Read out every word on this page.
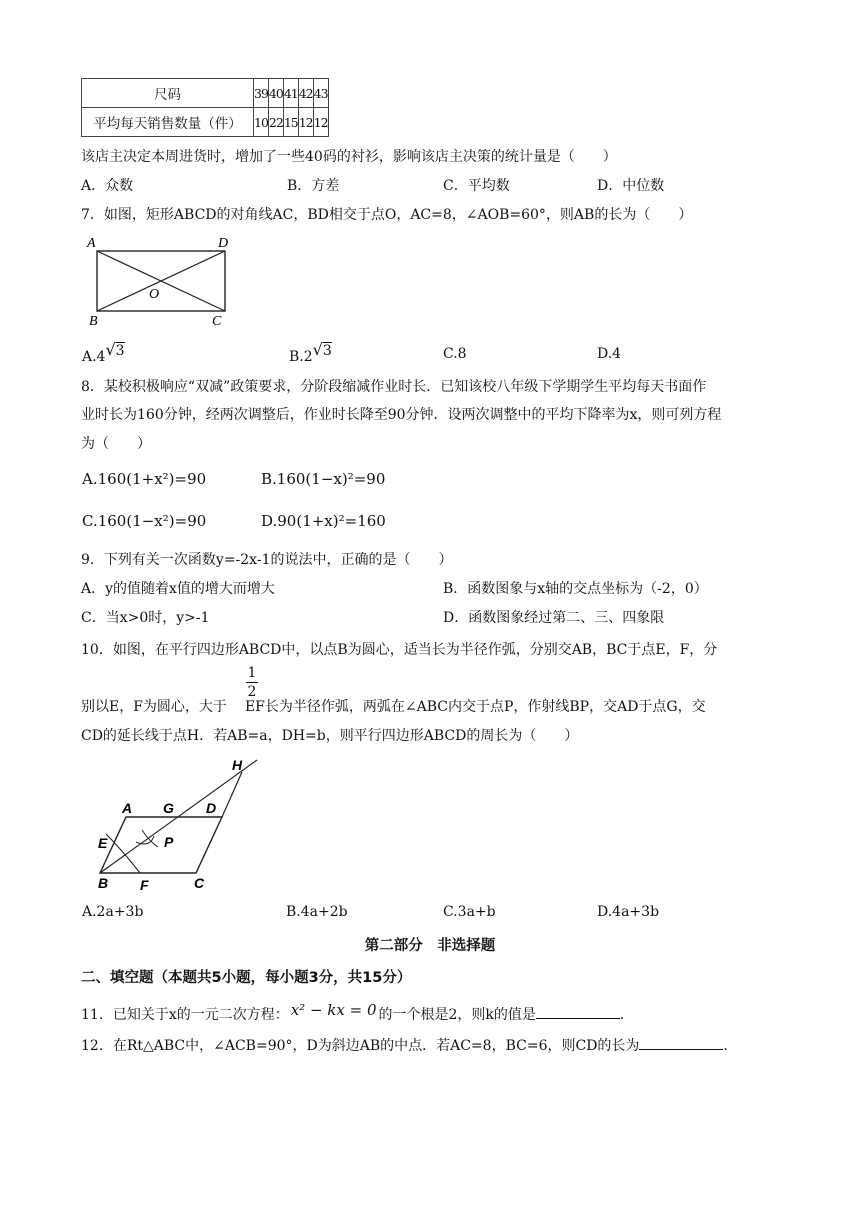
尺码	39	40	41	42	43
平均每天销售数量（件）	10	22	15	12	12
该店主决定本周进货时，增加了一些40码的衬衫，影响该店主决策的统计量是（　　）
A．众数	B．方差	C．平均数	D．中位数
7．如图，矩形ABCD的对角线AC，BD相交于点O，AC=8，∠AOB=60°，则AB的长为（　　）
A	D
B	C
O
A.4√3	B.2√3	C.8	D.4
8．某校积极响应“双减”政策要求，分阶段缩减作业时长．已知该校八年级下学期学生平均每天书面作
业时长为160分钟，经两次调整后，作业时长降至90分钟．设两次调整中的平均下降率为x，则可列方程
为（　　）
A.160(1+x²)=90	B.160(1−x)²=90
C.160(1−x²)=90	D.90(1+x)²=160
9．下列有关一次函数y=-2x-1的说法中，正确的是（　　）
A．y的值随着x值的增大而增大	B．函数图象与x轴的交点坐标为（-2，0）
C．当x>0时，y>-1	D．函数图象经过第二、三、四象限
10．如图，在平行四边形ABCD中，以点B为圆心，适当长为半径作弧，分别交AB，BC于点E，F，分
$\frac{1}{2}$
别以E，F为圆心，大于 EF长为半径作弧，两弧在∠ABC内交于点P，作射线BP，交AD于点G，交
CD的延长线于点H．若AB=a，DH=b，则平行四边形ABCD的周长为（　　）
H
A G D
E	P
B F	C
A.2a+3b	B.4a+2b	C.3a+b	D.4a+3b
第二部分　非选择题
二、填空题（本题共5小题，每小题3分，共15分）
11．已知关于x的一元二次方程： x² − kx = 0 的一个根是2，则k的值是	．
12．在Rt△ABC中，∠ACB=90°，D为斜边AB的中点．若AC=8，BC=6，则CD的长为	．
